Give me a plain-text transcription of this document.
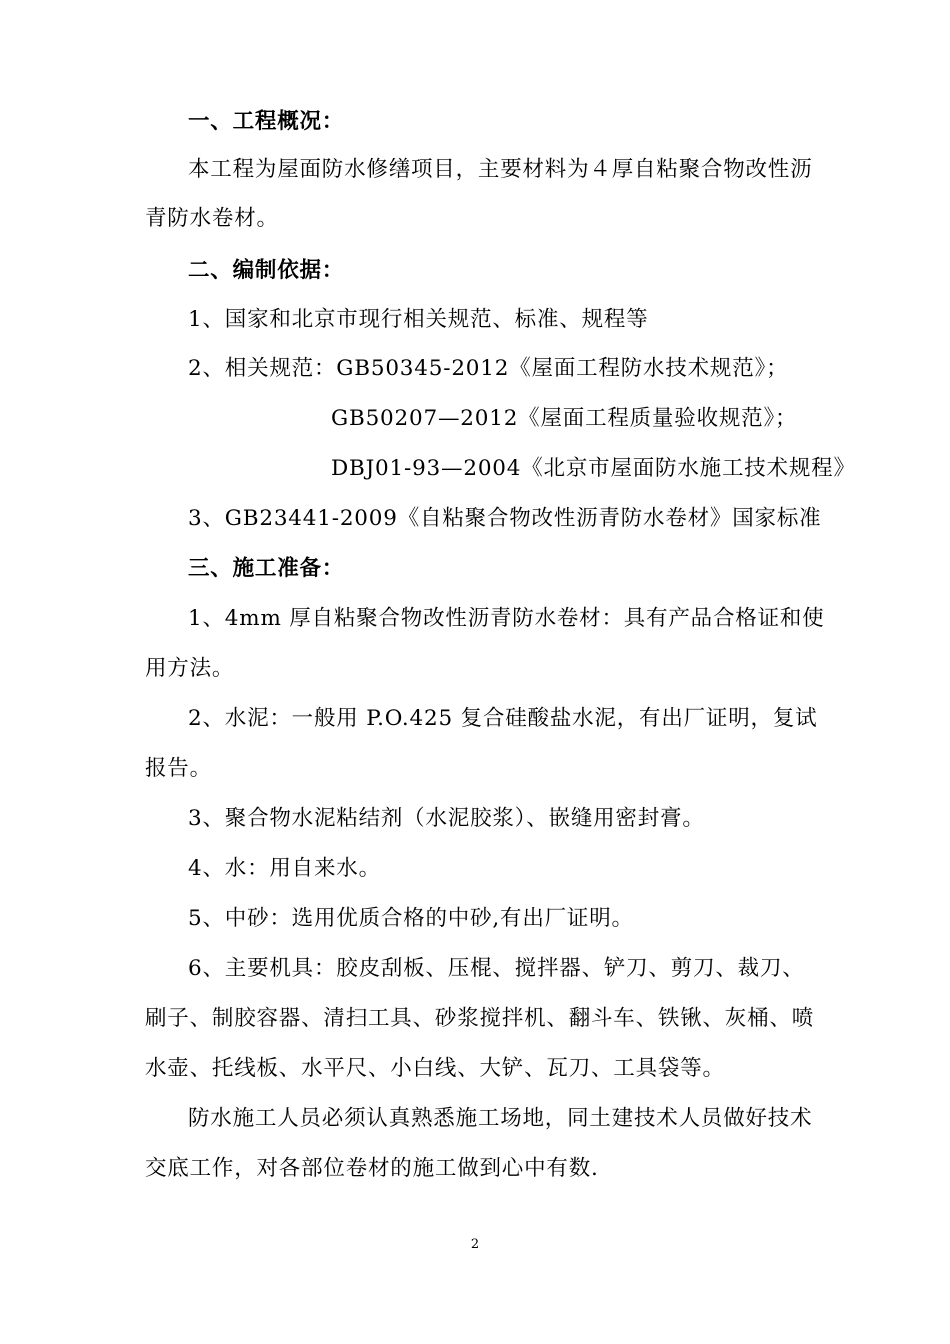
一、工程概况：

本工程为屋面防水修缮项目，主要材料为４厚自粘聚合物改性沥

青防水卷材。

二、编制依据：

1、国家和北京市现行相关规范、标准、规程等

2、相关规范：GB50345-2012《屋面工程防水技术规范》；

GB50207—2012《屋面工程质量验收规范》；

DBJ01-93—2004《北京市屋面防水施工技术规程》

3、GB23441-2009《自粘聚合物改性沥青防水卷材》国家标准

三、施工准备：

1、4mm 厚自粘聚合物改性沥青防水卷材：具有产品合格证和使

用方法。

2、水泥：一般用 P.O.425 复合硅酸盐水泥，有出厂证明，复试

报告。

3、聚合物水泥粘结剂（水泥胶浆）、嵌缝用密封膏。

4、水：用自来水。

5、中砂：选用优质合格的中砂,有出厂证明。

6、主要机具：胶皮刮板、压棍、搅拌器、铲刀、剪刀、裁刀、

刷子、制胶容器、清扫工具、砂浆搅拌机、翻斗车、铁锹、灰桶、喷

水壶、托线板、水平尺、小白线、大铲、瓦刀、工具袋等。

防水施工人员必须认真熟悉施工场地，同土建技术人员做好技术

交底工作，对各部位卷材的施工做到心中有数.

2
